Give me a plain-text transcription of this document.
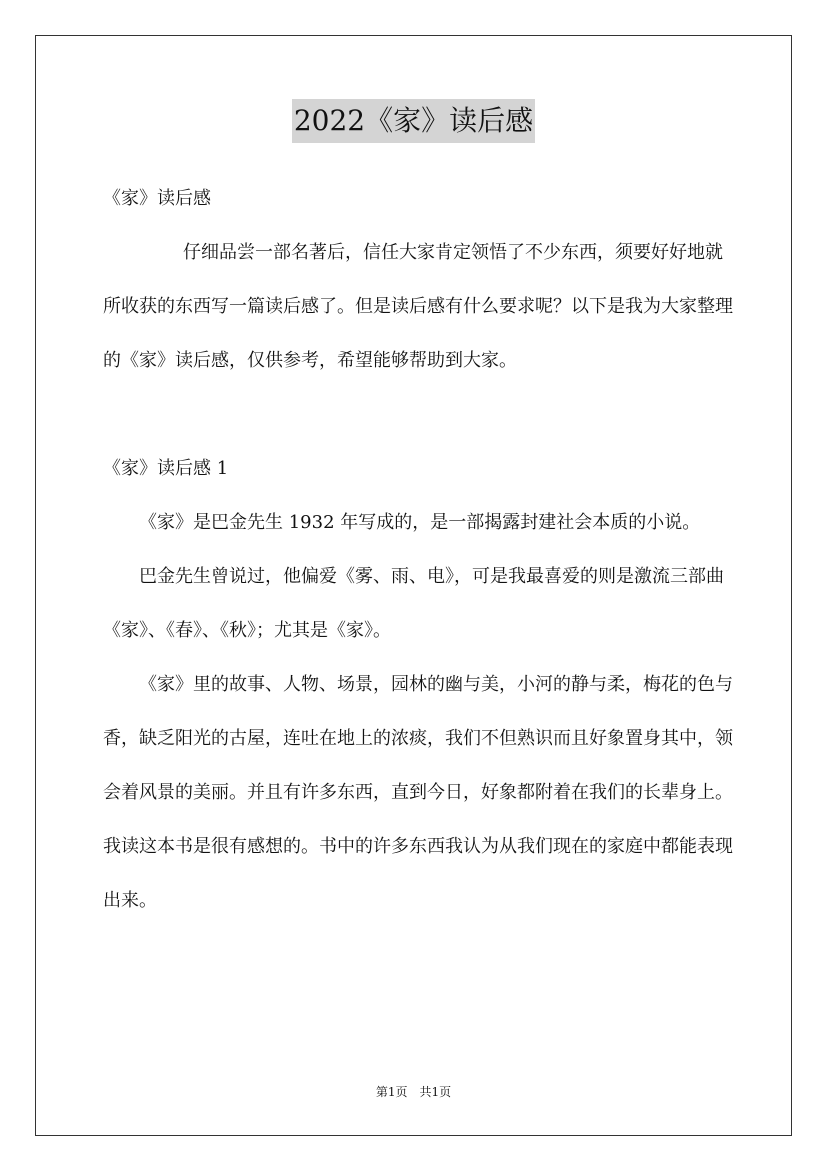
2022《家》读后感

《家》读后感

仔细品尝一部名著后，信任大家肯定领悟了不少东西，须要好好地就所收获的东西写一篇读后感了。但是读后感有什么要求呢？以下是我为大家整理的《家》读后感，仅供参考，希望能够帮助到大家。

《家》读后感 1

《家》是巴金先生 1932 年写成的，是一部揭露封建社会本质的小说。

巴金先生曾说过，他偏爱《雾、雨、电》，可是我最喜爱的则是激流三部曲《家》、《春》、《秋》；尤其是《家》。

《家》里的故事、人物、场景，园林的幽与美，小河的静与柔，梅花的色与香，缺乏阳光的古屋，连吐在地上的浓痰，我们不但熟识而且好象置身其中，领会着风景的美丽。并且有许多东西，直到今日，好象都附着在我们的长辈身上。我读这本书是很有感想的。书中的许多东西我认为从我们现在的家庭中都能表现出来。

第1页　共1页
